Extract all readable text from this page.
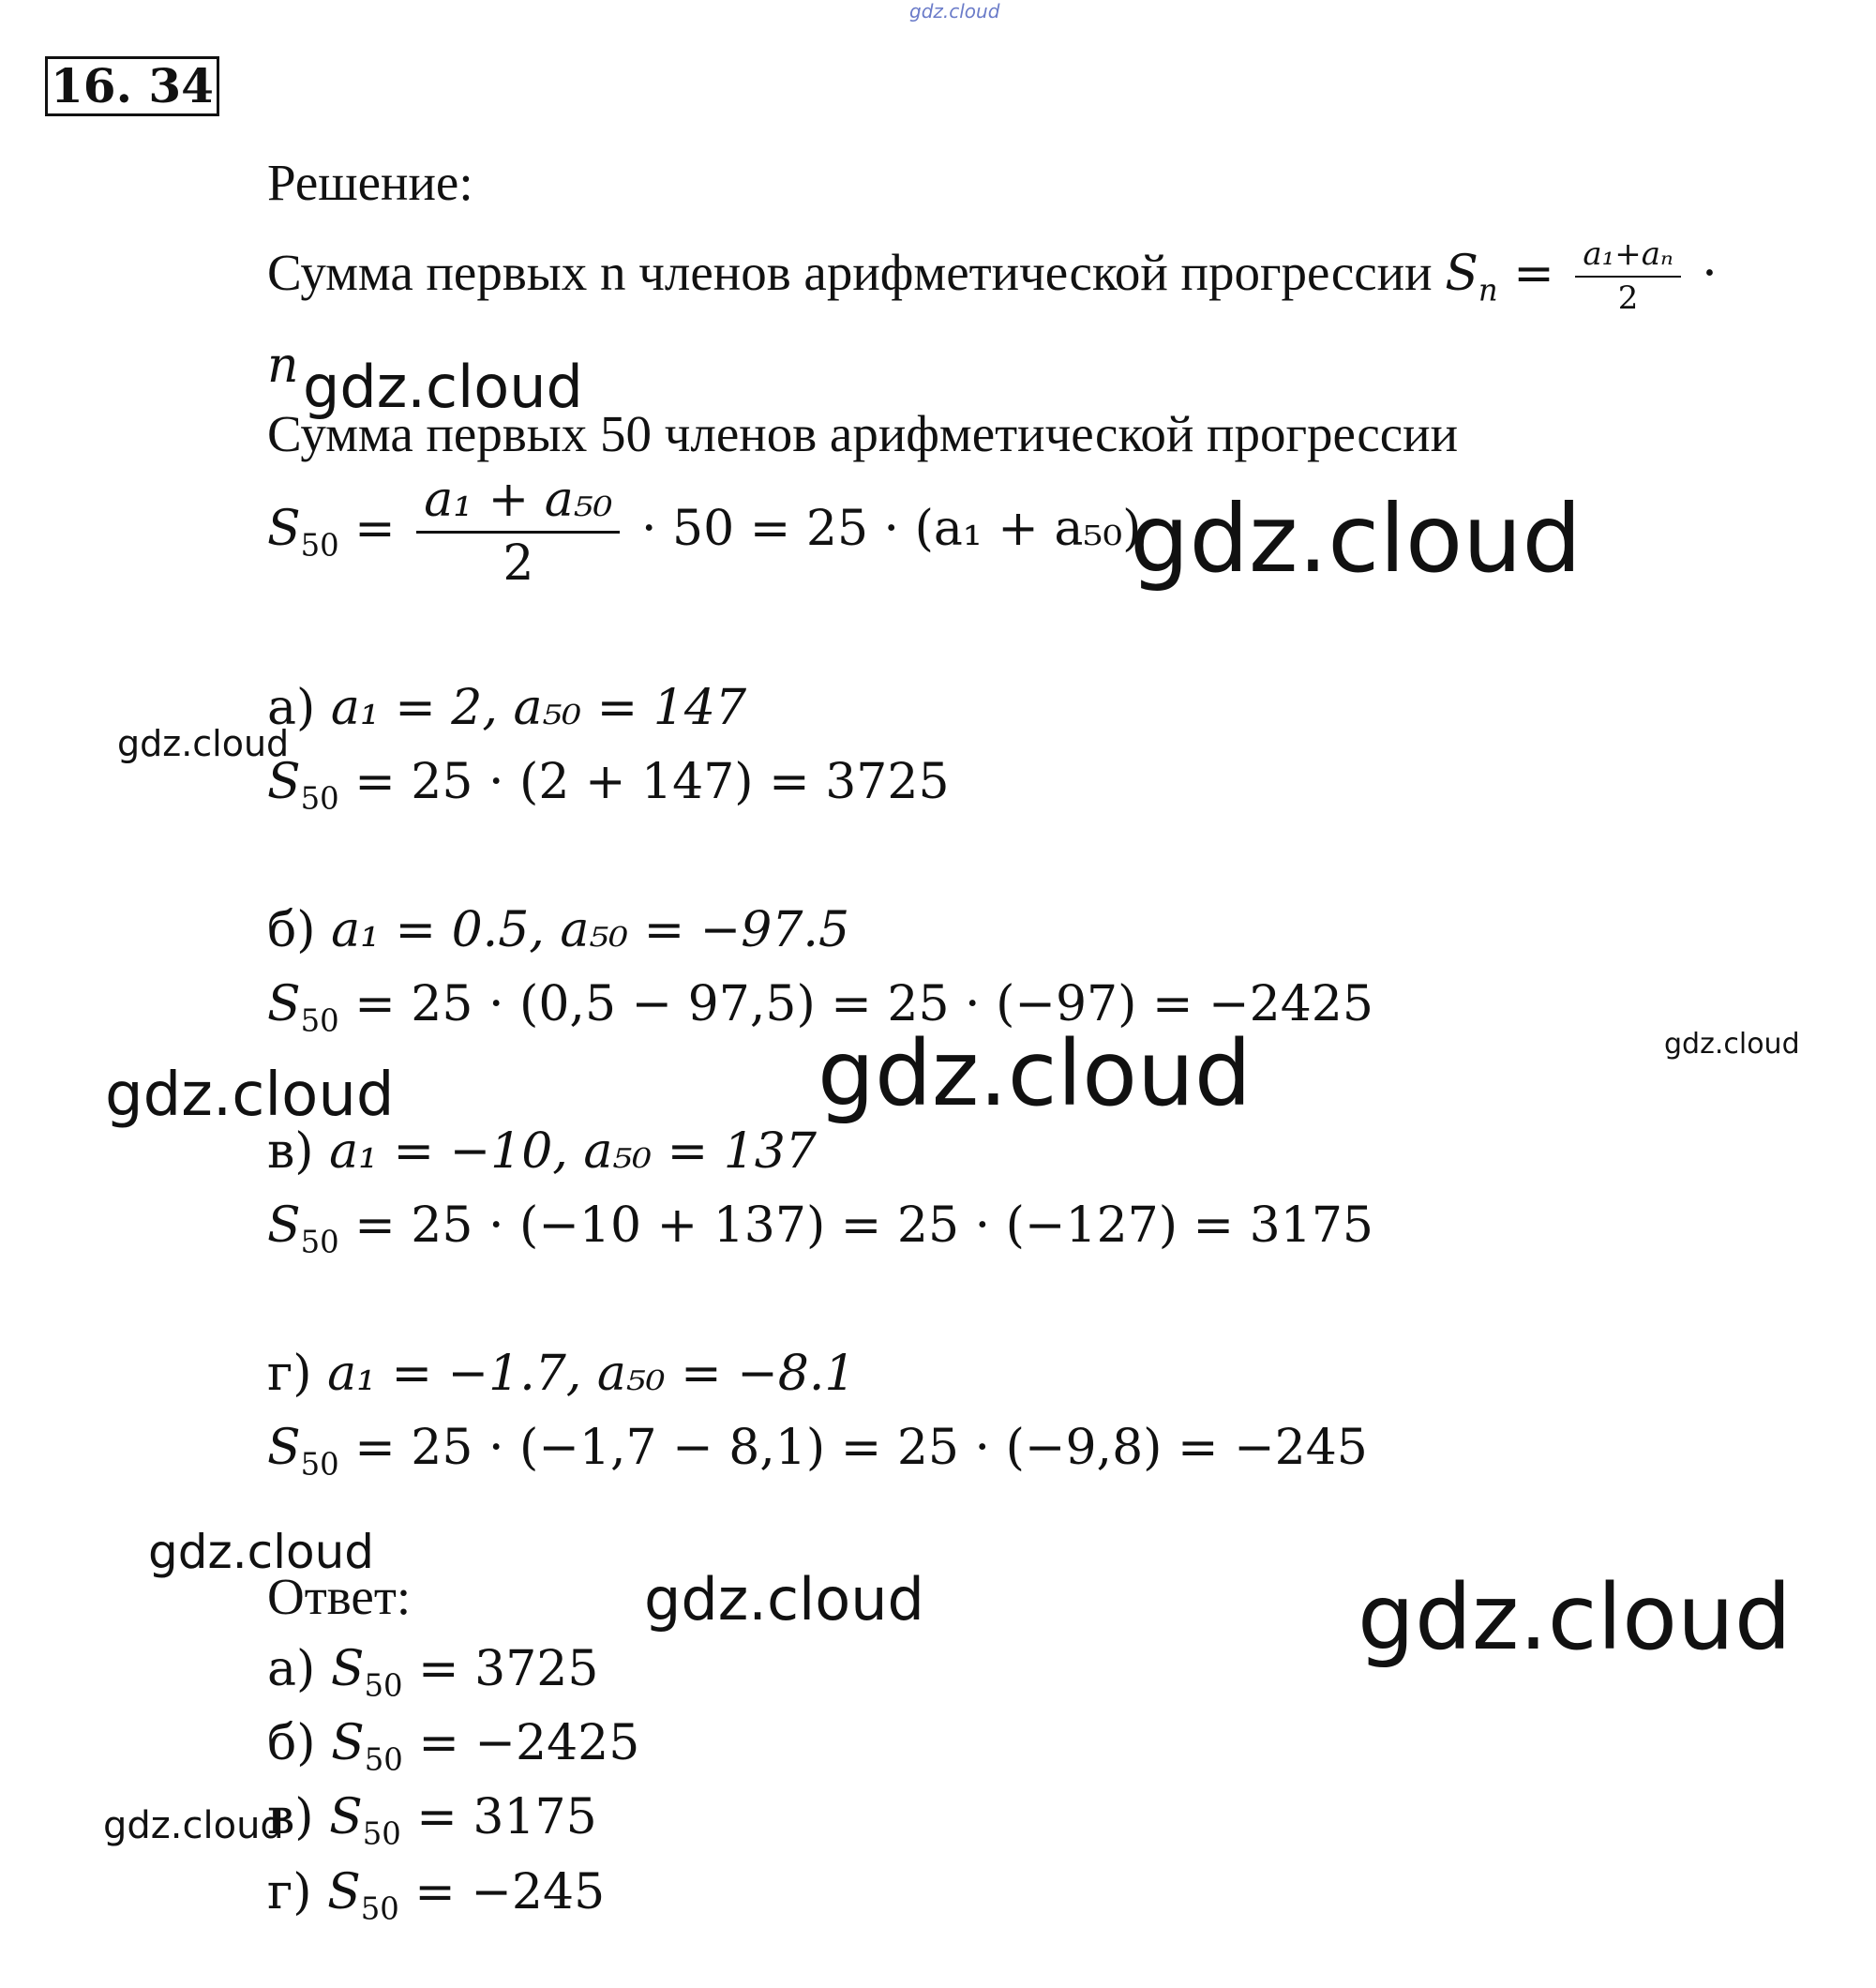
gdz.cloud
16. 34
Решение:
Сумма первых n членов арифметической прогрессии $S_n = \frac{\text{a₁+aₙ}}{2}$ ·
n
Сумма первых 50 членов арифметической прогрессии
$S_{50} = \frac{\text{a₁ + a₅₀}}{2} \cdot 50 = 25 \cdot (a_1 + a_{50})$
а) a₁ = 2, a₅₀ = 147
$S_{50} = 25 \cdot (2 + 147) = 3725$
б) a₁ = 0.5, a₅₀ = −97.5
$S_{50} = 25 \cdot (0,5 - 97,5) = 25 \cdot (-97) = -2425$
в) a₁ = −10, a₅₀ = 137
$S_{50} = 25 \cdot (-10 + 137) = 25 \cdot (-127) = 3175$
г) a₁ = −1.7, a₅₀ = −8.1
$S_{50} = 25 \cdot (-1,7 - 8,1) = 25 \cdot (-9,8) = -245$
Ответ:
а) $S_{50} = 3725$
б) $S_{50} = -2425$
в) $S_{50} = 3175$
г) $S_{50} = -245$
gdz.cloud
gdz.cloud
gdz.cloud
gdz.cloud
gdz.cloud	gdz.cloud
gdz.cloud
gdz.cloud	gdz.cloud
gdz.cloud
